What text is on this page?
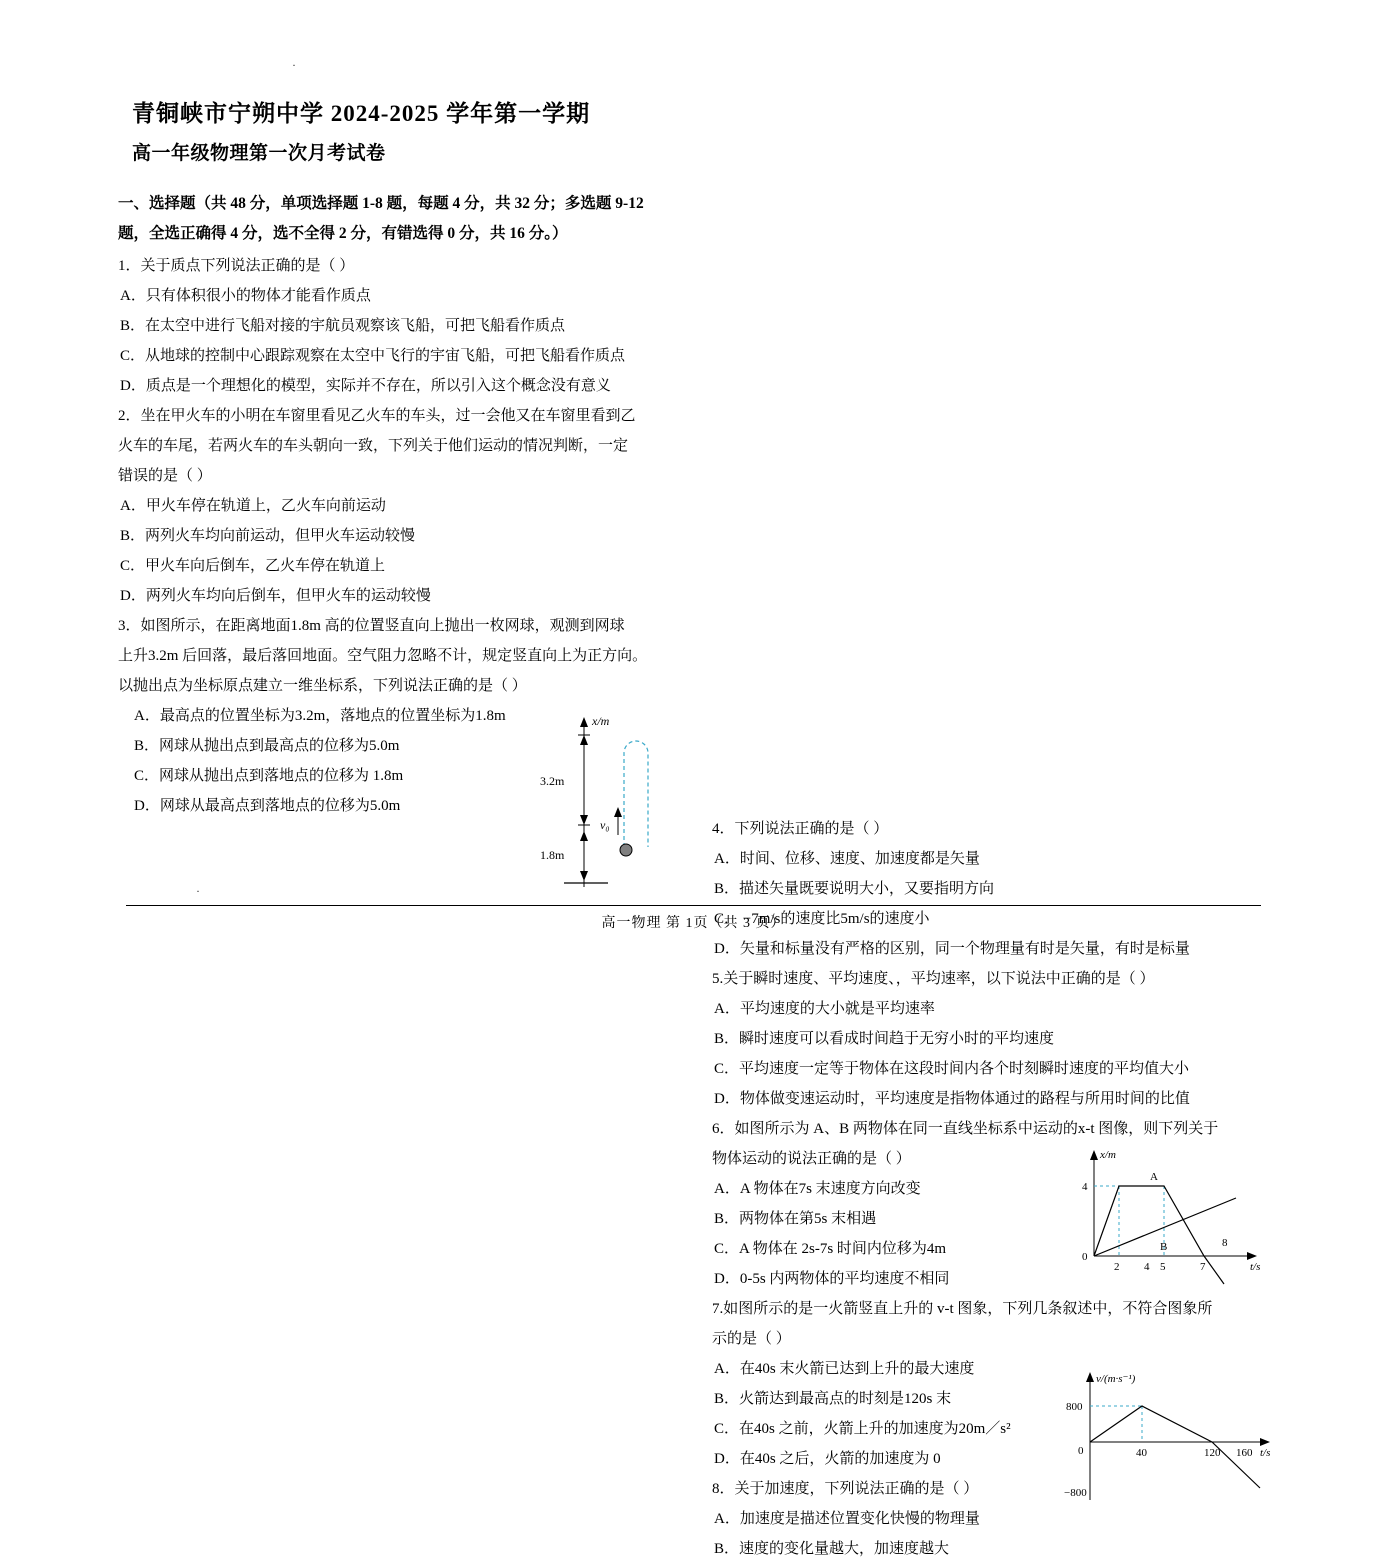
·
·
青铜峡市宁朔中学 2024-2025 学年第一学期
高一年级物理第一次月考试卷
一、选择题（共 48 分，单项选择题 1-8 题，每题 4 分，共 32 分；多选题 9-12
题，全选正确得 4 分，选不全得 2 分，有错选得 0 分，共 16 分。）
1．关于质点下列说法正确的是（ ）
A．只有体积很小的物体才能看作质点
B．在太空中进行飞船对接的宇航员观察该飞船，可把飞船看作质点
C．从地球的控制中心跟踪观察在太空中飞行的宇宙飞船，可把飞船看作质点
D．质点是一个理想化的模型，实际并不存在，所以引入这个概念没有意义
2．坐在甲火车的小明在车窗里看见乙火车的车头，过一会他又在车窗里看到乙
火车的车尾，若两火车的车头朝向一致，下列关于他们运动的情况判断，一定
错误的是（ ）
A．甲火车停在轨道上，乙火车向前运动
B．两列火车均向前运动，但甲火车运动较慢
C．甲火车向后倒车，乙火车停在轨道上
D．两列火车均向后倒车，但甲火车的运动较慢
3．如图所示，在距离地面1.8m 高的位置竖直向上抛出一枚网球，观测到网球
上升3.2m 后回落，最后落回地面。空气阻力忽略不计，规定竖直向上为正方向。
以抛出点为坐标原点建立一维坐标系，下列说法正确的是（ ）
A．最高点的位置坐标为3.2m，落地点的位置坐标为1.8m
B．网球从抛出点到最高点的位移为5.0m
C．网球从抛出点到落地点的位移为 1.8m
D．网球从最高点到落地点的位移为5.0m
x/m
3.2m
1.8m
v₀	4．下列说法正确的是（ ）
A．时间、位移、速度、加速度都是矢量
B．描述矢量既要说明大小，又要指明方向
C． −7m/s的速度比5m/s的速度小
D．矢量和标量没有严格的区别，同一个物理量有时是矢量，有时是标量
5.关于瞬时速度、平均速度、，平均速率，以下说法中正确的是（ ）
A．平均速度的大小就是平均速率
B．瞬时速度可以看成时间趋于无穷小时的平均速度
C．平均速度一定等于物体在这段时间内各个时刻瞬时速度的平均值大小
D．物体做变速运动时，平均速度是指物体通过的路程与所用时间的比值
6．如图所示为 A、B 两物体在同一直线坐标系中运动的x-t 图像，则下列关于
物体运动的说法正确的是（ ）
A．A 物体在7s 末速度方向改变
B．两物体在第5s 末相遇
C．A 物体在 2s-7s 时间内位移为4m
D．0-5s 内两物体的平均速度不相同
7.如图所示的是一火箭竖直上升的 v-t 图象，下列几条叙述中，不符合图象所
示的是（ ）
A．在40s 末火箭已达到上升的最大速度
B．火箭达到最高点的时刻是120s 末
C．在40s 之前，火箭上升的加速度为20m／s²
D．在40s 之后，火箭的加速度为 0
8．关于加速度，下列说法正确的是（ ）
A．加速度是描述位置变化快慢的物理量
B．速度的变化量越大，加速度越大
x/m
t/s
0
4
A
B
2 4 5	7
8
v/(m·s⁻¹)
t/s
0
800
−800
40	120 160
高一物理 第 1页（共 3 页）
